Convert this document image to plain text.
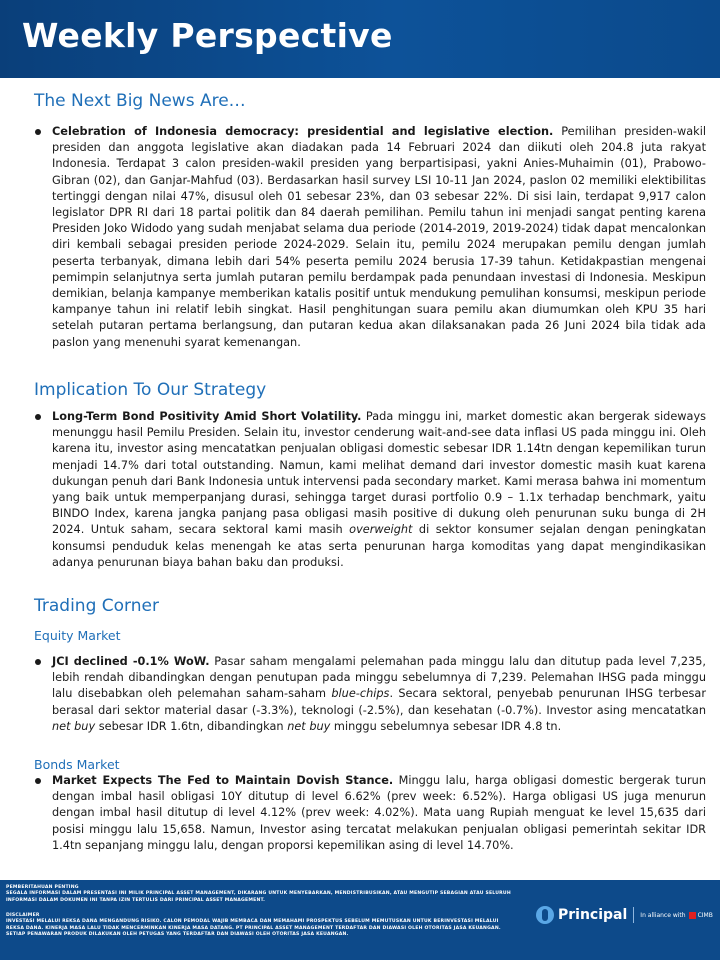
Weekly Perspective
The Next Big News Are…
Celebration of Indonesia democracy: presidential and legislative election. Pemilihan presiden-wakil presiden dan anggota legislative akan diadakan pada 14 Februari 2024 dan diikuti oleh 204.8 juta rakyat Indonesia. Terdapat 3 calon presiden-wakil presiden yang berpartisipasi, yakni Anies-Muhaimin (01), Prabowo-Gibran (02), dan Ganjar-Mahfud (03). Berdasarkan hasil survey LSI 10-11 Jan 2024, paslon 02 memiliki elektibilitas tertinggi dengan nilai 47%, disusul oleh 01 sebesar 23%, dan 03 sebesar 22%. Di sisi lain, terdapat 9,917 calon legislator DPR RI dari 18 partai politik dan 84 daerah pemilihan. Pemilu tahun ini menjadi sangat penting karena Presiden Joko Widodo yang sudah menjabat selama dua periode (2014-2019, 2019-2024) tidak dapat mencalonkan diri kembali sebagai presiden periode 2024-2029. Selain itu, pemilu 2024 merupakan pemilu dengan jumlah peserta terbanyak, dimana lebih dari 54% peserta pemilu 2024 berusia 17-39 tahun. Ketidakpastian mengenai pemimpin selanjutnya serta jumlah putaran pemilu berdampak pada penundaan investasi di Indonesia. Meskipun demikian, belanja kampanye memberikan katalis positif untuk mendukung pemulihan konsumsi, meskipun periode kampanye tahun ini relatif lebih singkat. Hasil penghitungan suara pemilu akan diumumkan oleh KPU 35 hari setelah putaran pertama berlangsung, dan putaran kedua akan dilaksanakan pada 26 Juni 2024 bila tidak ada paslon yang menenuhi syarat kemenangan.
Implication To Our Strategy
Long-Term Bond Positivity Amid Short Volatility. Pada minggu ini, market domestic akan bergerak sideways menunggu hasil Pemilu Presiden. Selain itu, investor cenderung wait-and-see data inflasi US pada minggu ini. Oleh karena itu, investor asing mencatatkan penjualan obligasi domestic sebesar IDR 1.14tn dengan kepemilikan turun menjadi 14.7% dari total outstanding. Namun, kami melihat demand dari investor domestic masih kuat karena dukungan penuh dari Bank Indonesia untuk intervensi pada secondary market. Kami merasa bahwa ini momentum yang baik untuk memperpanjang durasi, sehingga target durasi portfolio 0.9 – 1.1x terhadap benchmark, yaitu BINDO Index, karena jangka panjang pasa obligasi masih positive di dukung oleh penurunan suku bunga di 2H 2024. Untuk saham, secara sektoral kami masih overweight di sektor konsumer sejalan dengan peningkatan konsumsi penduduk kelas menengah ke atas serta penurunan harga komoditas yang dapat mengindikasikan adanya penurunan biaya bahan baku dan produksi.
Trading Corner
Equity Market
JCI declined -0.1% WoW. Pasar saham mengalami pelemahan pada minggu lalu dan ditutup pada level 7,235, lebih rendah dibandingkan dengan penutupan pada minggu sebelumnya di 7,239. Pelemahan IHSG pada minggu lalu disebabkan oleh pelemahan saham-saham blue-chips. Secara sektoral, penyebab penurunan IHSG terbesar berasal dari sektor material dasar (-3.3%), teknologi (-2.5%), dan kesehatan (-0.7%). Investor asing mencatatkan net buy sebesar IDR 1.6tn, dibandingkan net buy minggu sebelumnya sebesar IDR 4.8 tn.
Bonds Market
Market Expects The Fed to Maintain Dovish Stance. Minggu lalu, harga obligasi domestic bergerak turun dengan imbal hasil obligasi 10Y ditutup di level 6.62% (prev week: 6.52%). Harga obligasi US juga menurun dengan imbal hasil ditutup di level 4.12% (prev week: 4.02%). Mata uang Rupiah menguat ke level 15,635 dari posisi minggu lalu 15,658. Namun, Investor asing tercatat melakukan penjualan obligasi pemerintah sekitar IDR 1.4tn sepanjang minggu lalu, dengan proporsi kepemilikan asing di level 14.70%.
PEMBERITAHUAN PENTING
SEGALA INFORMASI DALAM PRESENTASI INI MILIK PRINCIPAL ASSET MANAGEMENT, DIKARANG UNTUK MENYEBARKAN, MENDISTRIBUSIKAN, ATAU MENGUTIP SEBAGIAN ATAU SELURUH INFORMASI DALAM DOKUMEN INI TANPA IZIN TERTULIS DARI PRINCIPAL ASSET MANAGEMENT.
DISCLAIMER
INVESTASI MELALUI REKSA DANA MENGANDUNG RISIKO. CALON PEMODAL WAJIB MEMBACA DAN MEMAHAMI PROSPEKTUS SEBELUM MEMUTUSKAN UNTUK BERINVESTASI MELALUI REKSA DANA. KINERJA MASA LALU TIDAK MENCERMINKAN KINERJA MASA DATANG. PT PRINCIPAL ASSET MANAGEMENT TERDAFTAR DAN DIAWASI OLEH OTORITAS JASA KEUANGAN. SETIAP PENAWARAN PRODUK DILAKUKAN OLEH PETUGAS YANG TERDAFTAR DAN DIAWASI OLEH OTORITAS JASA KEUANGAN.
Principal In alliance with CIMB
